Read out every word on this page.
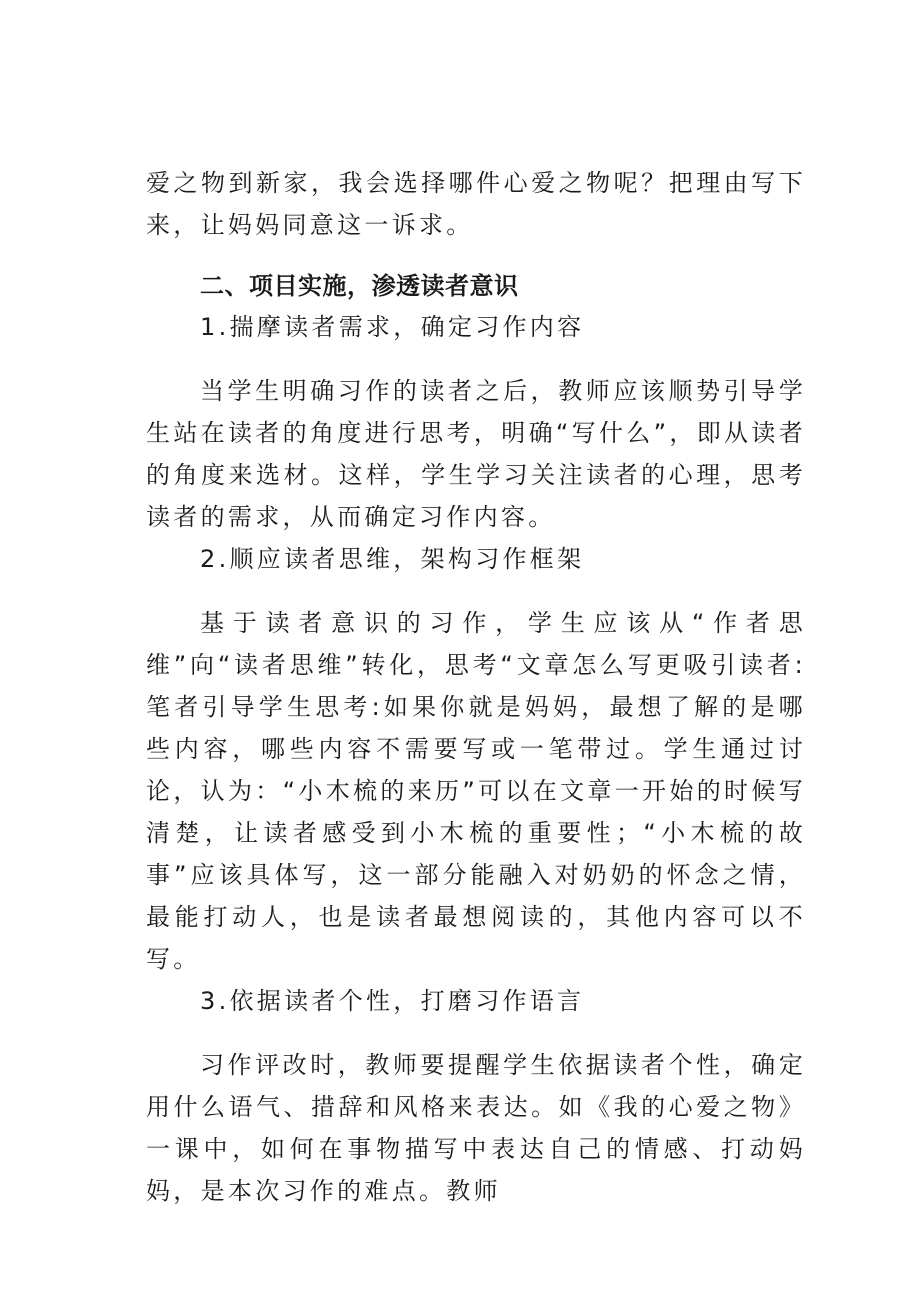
爱之物到新家，我会选择哪件心爱之物呢？把理由写下来，让妈妈同意这一诉求。

二、项目实施，渗透读者意识

1.揣摩读者需求，确定习作内容

当学生明确习作的读者之后，教师应该顺势引导学生站在读者的角度进行思考，明确“写什么”，即从读者的角度来选材。这样，学生学习关注读者的心理，思考读者的需求，从而确定习作内容。

2.顺应读者思维，架构习作框架

基于读者意识的习作，学生应该从“作者思维”向“读者思维”转化，思考“文章怎么写更吸引读者:笔者引导学生思考:如果你就是妈妈，最想了解的是哪些内容，哪些内容不需要写或一笔带过。学生通过讨论，认为：“小木梳的来历”可以在文章一开始的时候写清楚，让读者感受到小木梳的重要性；“小木梳的故事”应该具体写，这一部分能融入对奶奶的怀念之情，最能打动人，也是读者最想阅读的，其他内容可以不写。

3.依据读者个性，打磨习作语言

习作评改时，教师要提醒学生依据读者个性，确定用什么语气、措辞和风格来表达。如《我的心爱之物》一课中，如何在事物描写中表达自己的情感、打动妈妈，是本次习作的难点。教师
